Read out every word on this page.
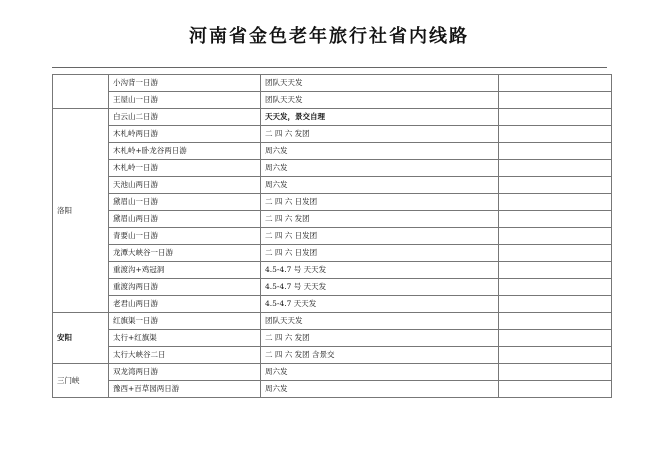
河南省金色老年旅行社省内线路
	小沟背一日游	团队天天发	
	王屋山一日游	团队天天发	
洛阳	白云山二日游	天天发，景交自理	
	木札岭两日游	二 四 六 发团	
	木札岭+卧龙谷两日游	周六发	
	木札岭一日游	周六发	
	天池山两日游	周六发	
	黛眉山一日游	二 四 六 日发团	
	黛眉山两日游	二 四 六 发团	
	青要山一日游	二 四 六 日发团	
	龙潭大峡谷一日游	二 四 六 日发团	
	重渡沟+鸡冠洞	4.5-4.7 号 天天发	
	重渡沟两日游	4.5-4.7 号 天天发	
	老君山两日游	4.5-4.7 天天发	
安阳	红旗渠一日游	团队天天发	
	太行+红旗渠	二 四 六 发团	
	太行大峡谷二日	二 四 六 发团 含景交	
三门峡	双龙湾两日游	周六发	
	豫西+百草园两日游	周六发	
